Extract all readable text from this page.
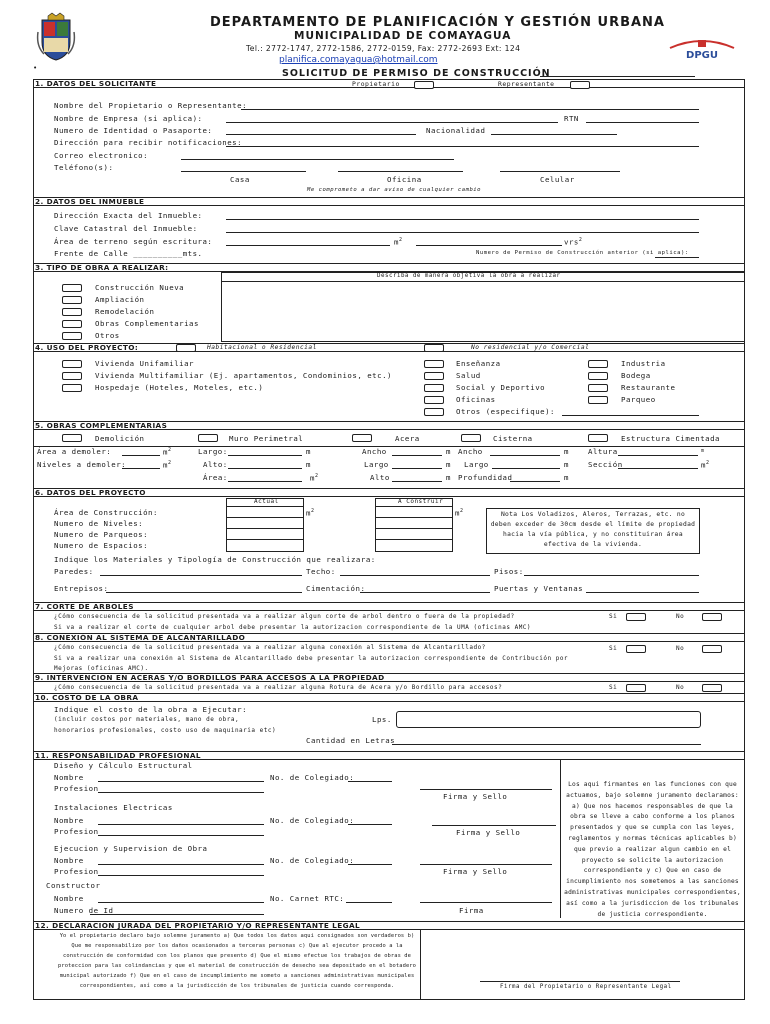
DPGU
DEPARTAMENTO DE PLANIFICACIÓN Y GESTIÓN URBANA
MUNICIPALIDAD DE COMAYAGUA
Tel.: 2772-1747, 2772-1586, 2772-0159, Fax: 2772-2693 Ext: 124
planifica.comayagua@hotmail.com
SOLICITUD DE PERMISO DE CONSTRUCCIÓN
•
1. DATOS DEL SOLICITANTE	Propietario	Representante
Nombre del Propietario o Representante:
Nombre de Empresa (si aplica):	RTN
Numero de Identidad o Pasaporte:	Nacionalidad
Dirección para recibir notificaciones:
Correo electronico:
Teléfono(s):
Casa	Oficina	Celular
Me comprometo a dar aviso de cualquier cambio
2. DATOS DEL INMUEBLE
Dirección Exacta del Inmueble:
Clave Catastral del Inmueble:
Área de terreno según escritura:	$m^2$	vrs$^2$
Frente de Calle __________mts.	Numero de Permiso de Construcción anterior (si aplica):
3. TIPO DE OBRA A REALIZAR:
Describa de manera objetiva la obra a realizar
Construcción Nueva
Ampliación
Remodelación
Obras Complementarias
Otros
4. USO DEL PROYECTO:	Habitacional o Residencial	No residencial y/o Comercial
Vivienda Unifamiliar
Vivienda Multifamiliar (Ej. apartamentos, Condominios, etc.)
Hospedaje (Hoteles, Moteles, etc.)
Enseñanza
Salud
Social y Deportivo
Oficinas
Otros (especifique):
Industria
Bodega
Restaurante
Parqueo
5. OBRAS COMPLEMENTARIAS
Demolición
Área a demoler:	$m^2$
Niveles a demoler:	$m^2$
Muro Perimetral
Largo:	m
Alto:	m
Área:	$m^2$
Acera
Ancho	m
Largo	m
Alto	m
Cisterna
Ancho	m
Largo	m
Profundidad	m
Estructura Cimentada
Altura	m
Sección	$m^2$
6. DATOS DEL PROYECTO
Actual
$m^2$
A Construir
$m^2$
Área de Construcción:
Numero de Niveles:
Numero de Parqueos:
Numero de Espacios:
Nota Los Voladizos, Aleros, Terrazas, etc. no deben exceder de 30cm desde el límite de propiedad hacia la vía pública, y no constituiran área efectiva de la vivienda.
Indique los Materiales y Tipología de Construcción que realizara:
Paredes:	Techo:	Pisos:
Entrepisos:	Cimentación:	Puertas y Ventanas
7. CORTE DE ARBOLES
¿Cómo consecuencia de la solicitud presentada va a realizar algun corte de arbol dentro o fuera de la propiedad?
Si va a realizar el corte de cualquier arbol debe presentar la autorizacion correspondiente de la UMA (oficinas AMC)
Si	No
8. CONEXIÓN AL SISTEMA DE ALCANTARILLADO
¿Cómo consecuencia de la solicitud presentada va a realizar alguna conexión al Sistema de Alcantarillado?
Si va a realizar una conexión al Sistema de Alcantarillado debe presentar la autorizacion correspondiente de Contribución por
Mejoras (oficinas AMC).
Si	No
9. INTERVENCION EN ACERAS Y/O BORDILLOS PARA ACCESOS A LA PROPIEDAD
¿Cómo consecuencia de la solicitud presentada va a realizar alguna Rotura de Acera y/o Bordillo para accesos?	Si	No
10. COSTO DE LA OBRA
Indique el costo de la obra a Ejecutar:
(incluir costos por materiales, mano de obra,
honorarios profesionales, costo uso de maquinaria etc)
Lps.
Cantidad en Letras
11. RESPONSABILIDAD PROFESIONAL
Diseño y Cálculo Estructural
Nombre	No. de Colegiado:
Profesion
Firma y Sello
Instalaciones Electricas
Nombre	No. de Colegiado:
Profesion	Firma y Sello
Ejecucion y Supervision de Obra
Nombre	No. de Colegiado:
Profesion	Firma y Sello
Constructor
Nombre	No. Carnet RTC:
Numero de Id	Firma
Los aqui firmantes en las funciones con que actuamos, bajo solemne juramento declaramos: a) Que nos hacemos responsables de que la obra se lleve a cabo conforme a los planos presentados y que se cumpla con las leyes, reglamentos y normas técnicas aplicables b) que previo a realizar algun cambio en el proyecto se solicite la autorizacion correspondiente y c) Que en caso de incumplimiento nos sometemos a las sanciones administrativas municipales correspondientes, así como a la jurisdiccion de los tribunales de justicia correspondiente.
12. DECLARACION JURADA DEL PROPIETARIO Y/O REPRESENTANTE LEGAL
Yo el propietario declaro bajo solemne juramento a) Que todos los datos aqui consignados son verdaderos b) Que me responsabilizo por los daños ocasionados a terceras personas c) Que al ejecutor procedo a la construcción de conformidad con los planos que presento d) Que el mismo efectue los trabajos de obras de proteccion para las colindancias y que el material de construcción de desecho sea depositado en el botadero municipal autorizado f) Que en el caso de incumplimiento me someto a sanciones administrativas municipales correspondientes, así como a la jurisdicción de los tribunales de justicia cuando corresponda.	Firma del Propietario o Representante Legal
